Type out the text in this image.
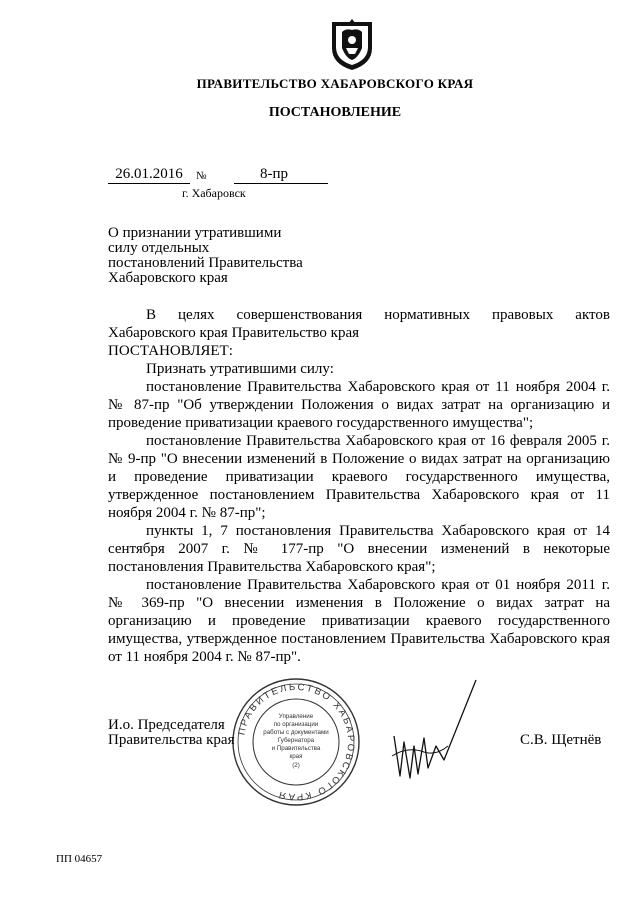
ПРАВИТЕЛЬСТВО ХАБАРОВСКОГО КРАЯ
ПОСТАНОВЛЕНИЕ
26.01.2016	№	8-пр
г. Хабаровск
О признании утратившими силу отдельных постановлений Правительства Хабаровского края
В целях совершенствования нормативных правовых актов Хабаровского края Правительство края
ПОСТАНОВЛЯЕТ:
Признать утратившими силу:
постановление Правительства Хабаровского края от 11 ноября 2004 г. № 87-пр "Об утверждении Положения о видах затрат на организацию и проведение приватизации краевого государственного имущества";
постановление Правительства Хабаровского края от 16 февраля 2005 г. № 9-пр "О внесении изменений в Положение о видах затрат на организацию и проведение приватизации краевого государственного имущества, утвержденное постановлением Правительства Хабаровского края от 11 ноября 2004 г. № 87-пр";
пункты 1, 7 постановления Правительства Хабаровского края от 14 сентября 2007 г. № 177-пр "О внесении изменений в некоторые постановления Правительства Хабаровского края";
постановление Правительства Хабаровского края от 01 ноября 2011 г. № 369-пр "О внесении изменения в Положение о видах затрат на организацию и проведение приватизации краевого государственного имущества, утвержденное постановлением Правительства Хабаровского края от 11 ноября 2004 г. № 87-пр".
ПРАВИТЕЛЬСТВО ХАБАРОВСКОГО КРАЯ
Управление
по организации
работы с документами
Губернатора
и Правительства
края
(2)
И.о. Председателя
Правительства края	С.В. Щетнёв
ПП 04657
